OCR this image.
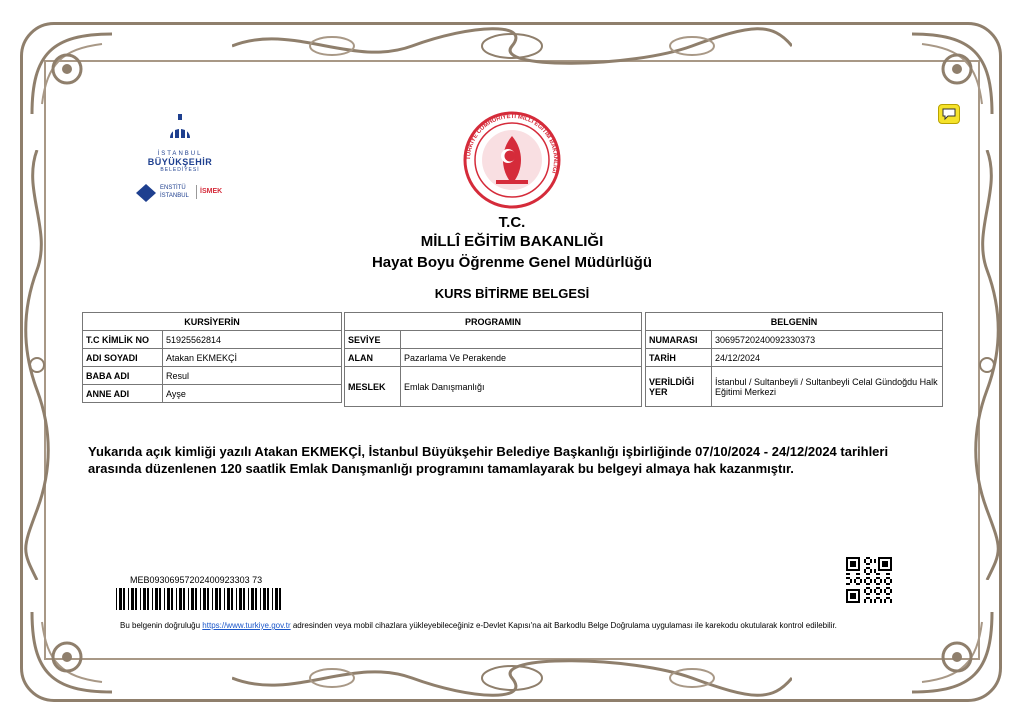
İSTANBUL
BÜYÜKŞEHİR
BELEDİYESİ
ENSTİTÜ
İSTANBUL
İSMEK
TÜRKİYE CUMHURİYETİ MİLLÎ EĞİTİM BAKANLIĞI
T.C.
MİLLÎ EĞİTİM BAKANLIĞI
Hayat Boyu Öğrenme Genel Müdürlüğü
KURS BİTİRME BELGESİ
KURSİYERİN	
T.C KİMLİK NO	51925562814
ADI SOYADI	Atakan EKMEKÇİ
BABA ADI	Resul
ANNE ADI	Ayşe
PROGRAMIN	
SEVİYE	
ALAN	Pazarlama Ve Perakende
MESLEK	Emlak Danışmanlığı
BELGENİN	
NUMARASI	30695720240092330373
TARİH	24/12/2024
VERİLDİĞİ YER	İstanbul / Sultanbeyli / Sultanbeyli Celal Gündoğdu Halk Eğitimi Merkezi
Yukarıda açık kimliği yazılı Atakan EKMEKÇİ, İstanbul Büyükşehir Belediye Başkanlığı işbirliğinde 07/10/2024 - 24/12/2024 tarihleri arasında düzenlenen 120 saatlik Emlak Danışmanlığı programını tamamlayarak bu belgeyi almaya hak kazanmıştır.
MEB09306957202400923303 73
Bu belgenin doğruluğu https://www.turkiye.gov.tr adresinden veya mobil cihazlara yükleyebileceğiniz e-Devlet Kapısı'na ait Barkodlu Belge Doğrulama uygulaması ile karekodu okutularak kontrol edilebilir.
